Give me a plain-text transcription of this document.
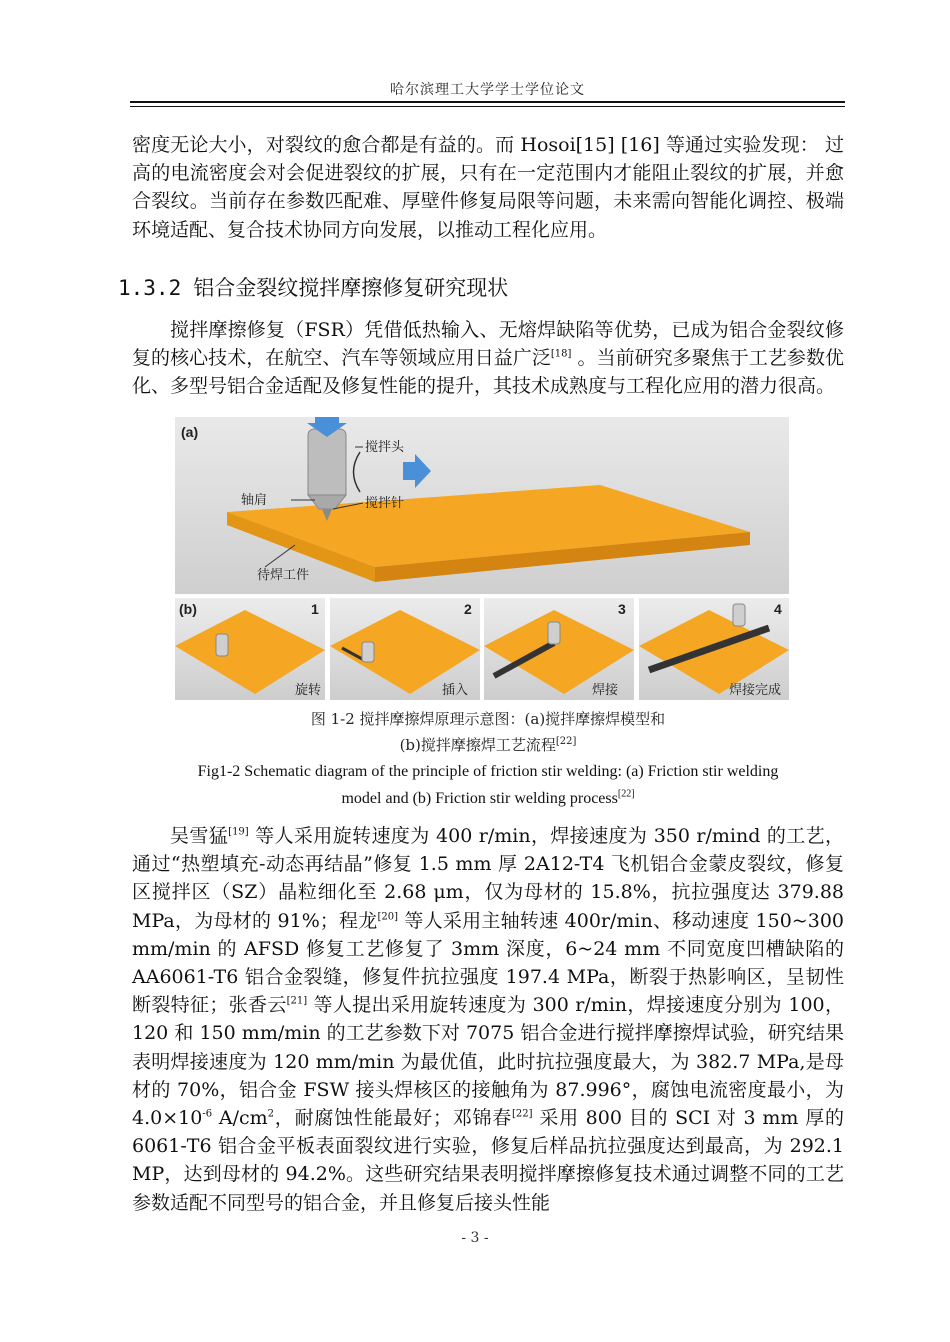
哈尔滨理工大学学士学位论文

密度无论大小，对裂纹的愈合都是有益的。而 Hosoi[15] [16] 等通过实验发现： 过高的电流密度会对会促进裂纹的扩展，只有在一定范围内才能阻止裂纹的扩展，并愈合裂纹。当前存在参数匹配难、厚壁件修复局限等问题，未来需向智能化调控、极端环境适配、复合技术协同方向发展，以推动工程化应用。

1.3.2 铝合金裂纹搅拌摩擦修复研究现状

搅拌摩擦修复（FSR）凭借低热输入、无熔焊缺陷等优势，已成为铝合金裂纹修复的核心技术，在航空、汽车等领域应用日益广泛[18] 。当前研究多聚焦于工艺参数优化、多型号铝合金适配及修复性能的提升，其技术成熟度与工程化应用的潜力很高。

(a)
搅拌头
轴肩	搅拌针
待焊工件
(b)	1
旋转
2
插入
3
焊接
4
焊接完成
图 1-2 搅拌摩擦焊原理示意图：(a)搅拌摩擦焊模型和
(b)搅拌摩擦焊工艺流程[22]
Fig1-2 Schematic diagram of the principle of friction stir welding: (a) Friction stir welding
model and (b) Friction stir welding process[22]

吴雪猛[19] 等人采用旋转速度为 400 r/min，焊接速度为 350 r/mind 的工艺，通过“热塑填充-动态再结晶”修复 1.5 mm 厚 2A12-T4 飞机铝合金蒙皮裂纹，修复区搅拌区（SZ）晶粒细化至 2.68 μm，仅为母材的 15.8%，抗拉强度达 379.88 MPa，为母材的 91%；程龙[20] 等人采用主轴转速 400r/min、移动速度 150~300 mm/min 的 AFSD 修复工艺修复了 3mm 深度，6~24 mm 不同宽度凹槽缺陷的 AA6061-T6 铝合金裂缝，修复件抗拉强度 197.4 MPa，断裂于热影响区，呈韧性断裂特征；张香云[21] 等人提出采用旋转速度为 300 r/min，焊接速度分别为 100，120 和 150 mm/min 的工艺参数下对 7075 铝合金进行搅拌摩擦焊试验，研究结果表明焊接速度为 120 mm/min 为最优值，此时抗拉强度最大，为 382.7 MPa,是母材的 70%，铝合金 FSW 接头焊核区的接触角为 87.996°，腐蚀电流密度最小，为 $4.0\times 10^{-6}$ $A/cm^2$，耐腐蚀性能最好；邓锦春[22] 采用 800 目的 SCI 对 3 mm 厚的 6061-T6 铝合金平板表面裂纹进行实验，修复后样品抗拉强度达到最高，为 292.1 MP，达到母材的 94.2%。这些研究结果表明搅拌摩擦修复技术通过调整不同的工艺参数适配不同型号的铝合金，并且修复后接头性能

- 3 -
